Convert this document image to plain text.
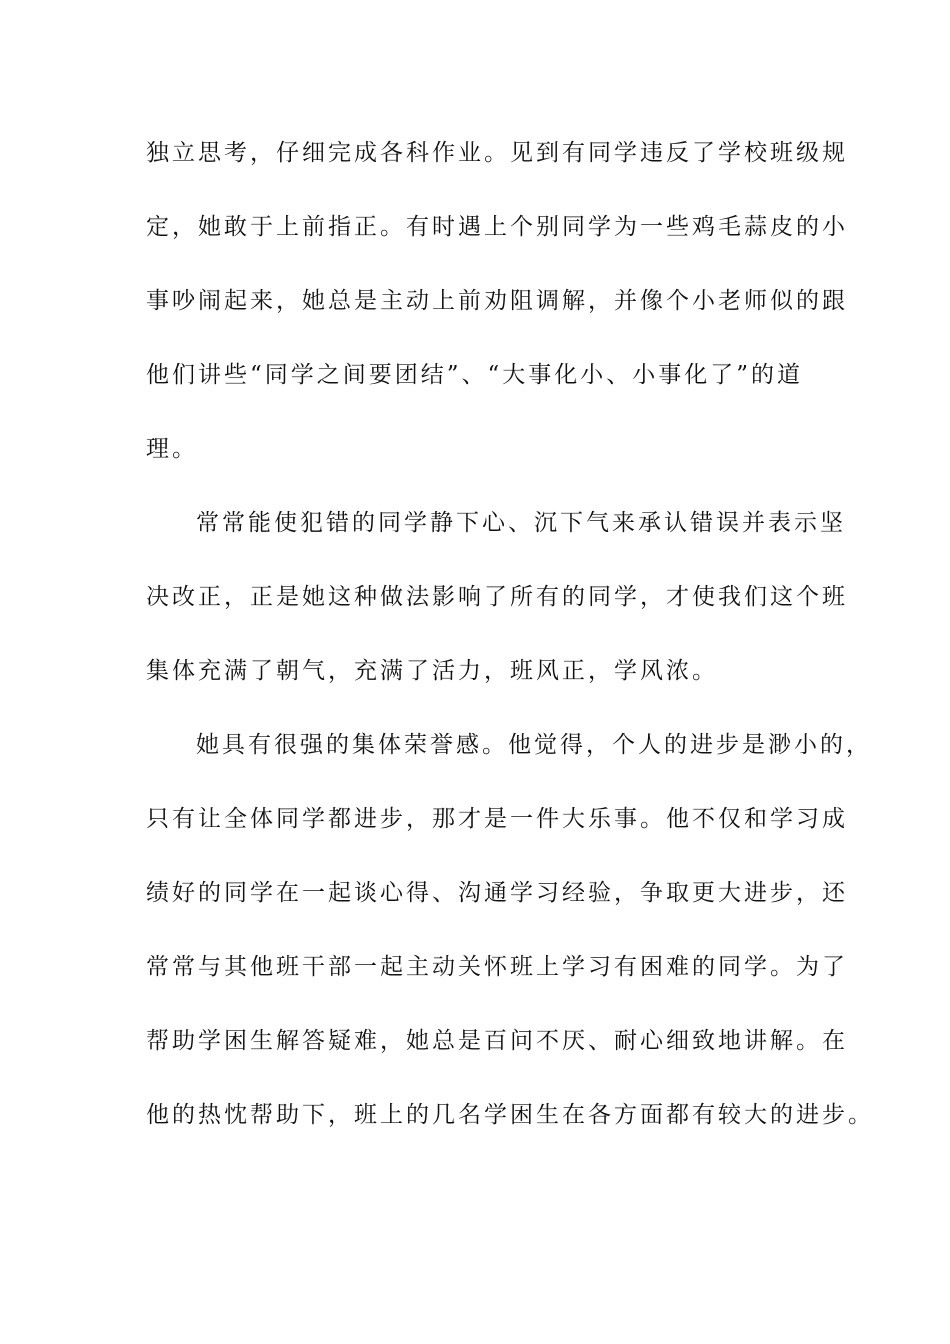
独立思考，仔细完成各科作业。见到有同学违反了学校班级规
定，她敢于上前指正。有时遇上个别同学为一些鸡毛蒜皮的小
事吵闹起来，她总是主动上前劝阻调解，并像个小老师似的跟
他们讲些“同学之间要团结”、“大事化小、小事化了”的道
理。
常常能使犯错的同学静下心、沉下气来承认错误并表示坚
决改正，正是她这种做法影响了所有的同学，才使我们这个班
集体充满了朝气，充满了活力，班风正，学风浓。
她具有很强的集体荣誉感。他觉得，个人的进步是渺小的，
只有让全体同学都进步，那才是一件大乐事。他不仅和学习成
绩好的同学在一起谈心得、沟通学习经验，争取更大进步，还
常常与其他班干部一起主动关怀班上学习有困难的同学。为了
帮助学困生解答疑难，她总是百问不厌、耐心细致地讲解。在
他的热忱帮助下，班上的几名学困生在各方面都有较大的进步。
